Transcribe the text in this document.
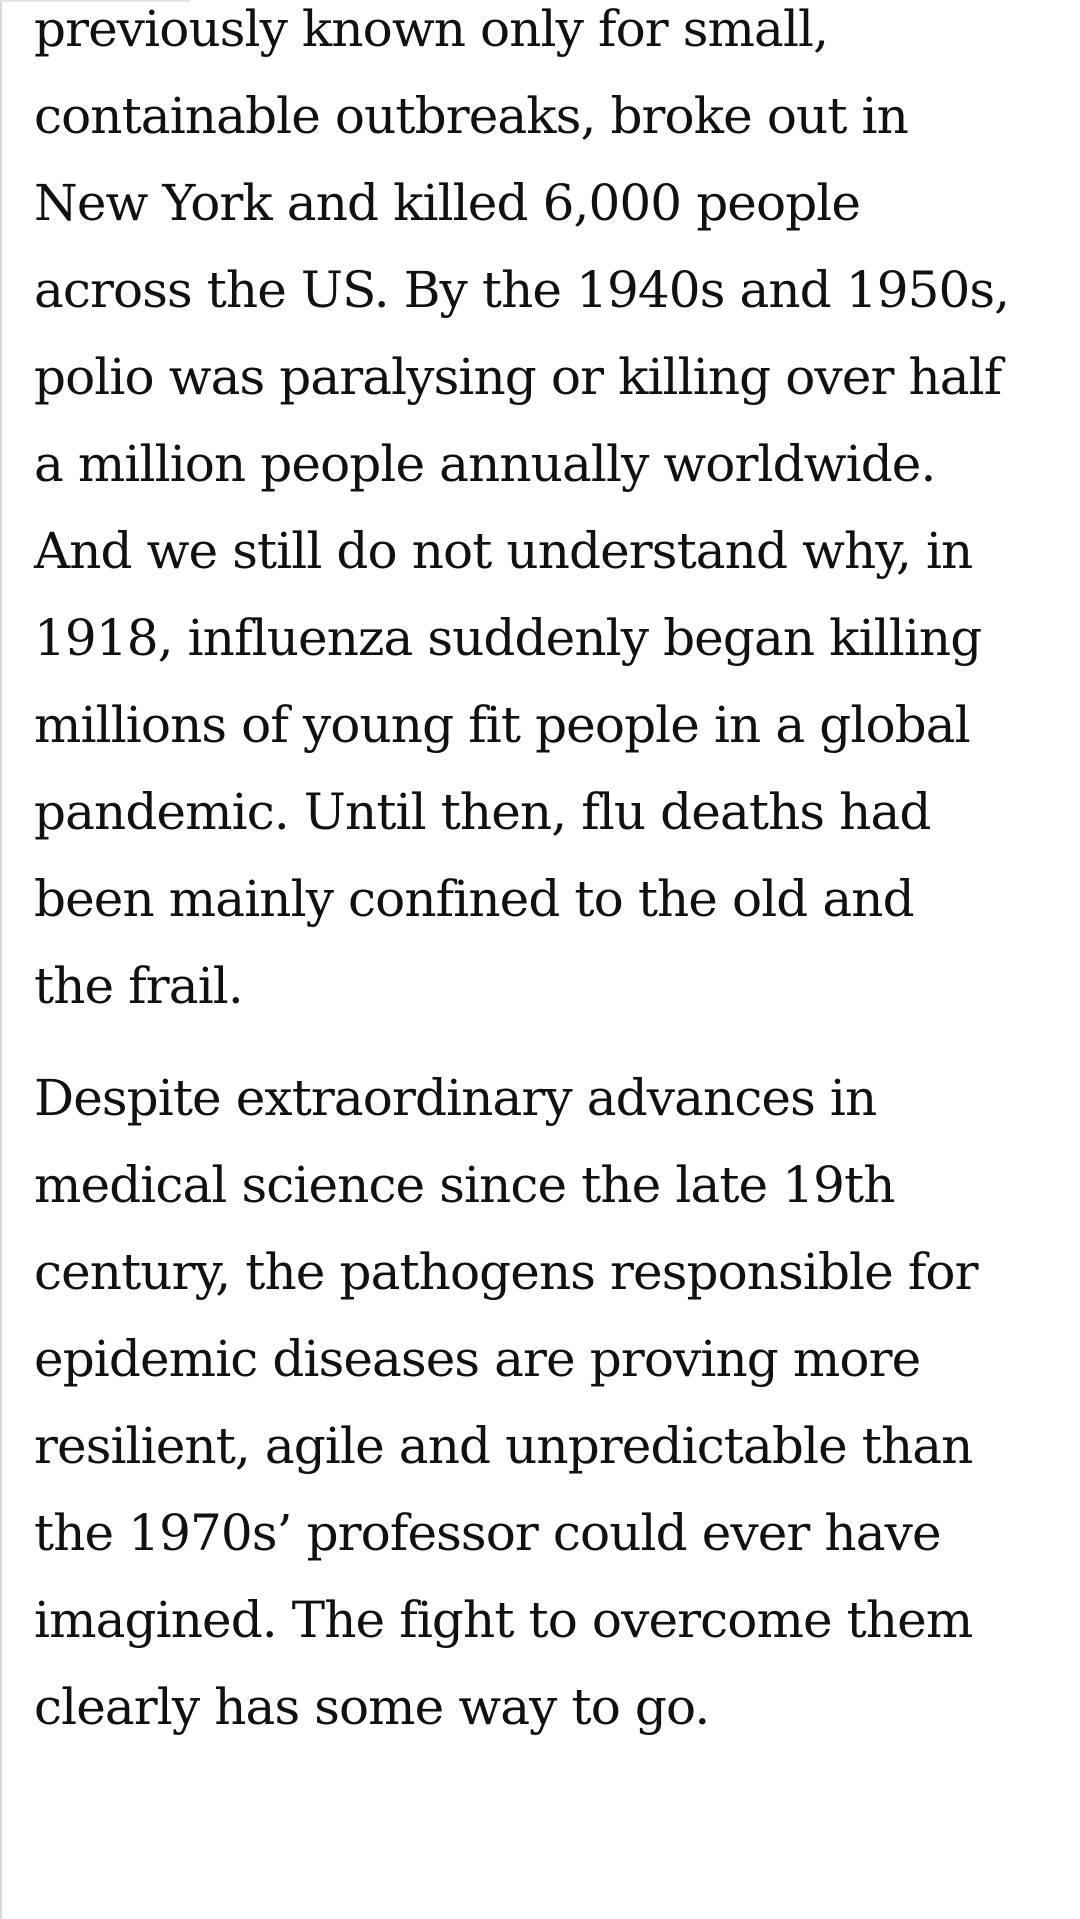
previously known only for small,
containable outbreaks, broke out in
New York and killed 6,000 people
across the US. By the 1940s and 1950s,
polio was paralysing or killing over half
a million people annually worldwide.
And we still do not understand why, in
1918, influenza suddenly began killing
millions of young fit people in a global
pandemic. Until then, flu deaths had
been mainly confined to the old and
the frail.

Despite extraordinary advances in
medical science since the late 19th
century, the pathogens responsible for
epidemic diseases are proving more
resilient, agile and unpredictable than
the 1970s’ professor could ever have
imagined. The fight to overcome them
clearly has some way to go.
